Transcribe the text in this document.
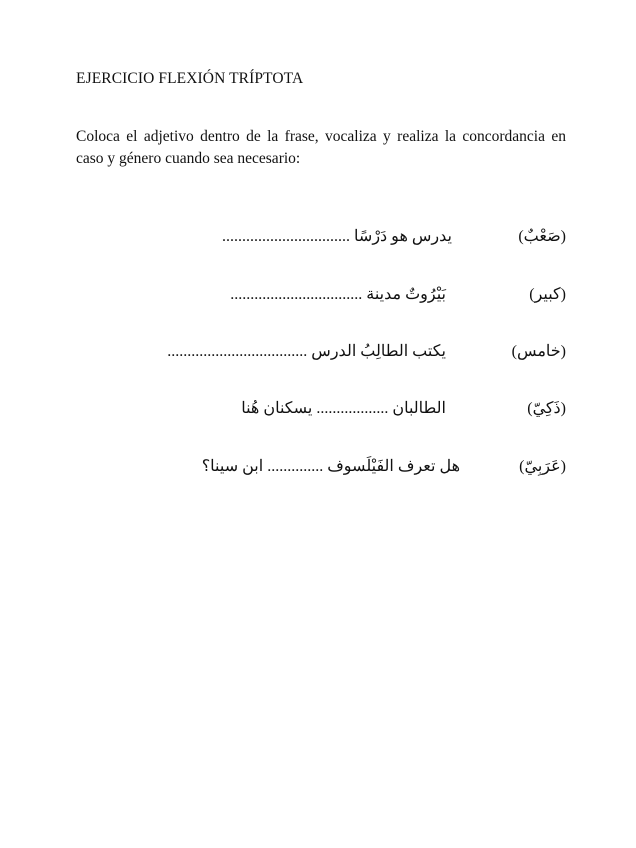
EJERCICIO FLEXIÓN TRÍPTOTA
Coloca el adjetivo dentro de la frase, vocaliza y realiza la concordancia en caso y género cuando sea necesario:
(صَعْبٌ)  يدرس هو دَرْسًا ................................
(كبير)  بَيْرُوتٌ مدينة .................................
(خامس)  يكتب الطالِبُ الدرس ...................................
(ذَكِيّ)  الطالبان .................. يسكنان هُنا
(عَرَبِيّ)  هل تعرف الفَيْلَسوف .............. ابن سينا؟
